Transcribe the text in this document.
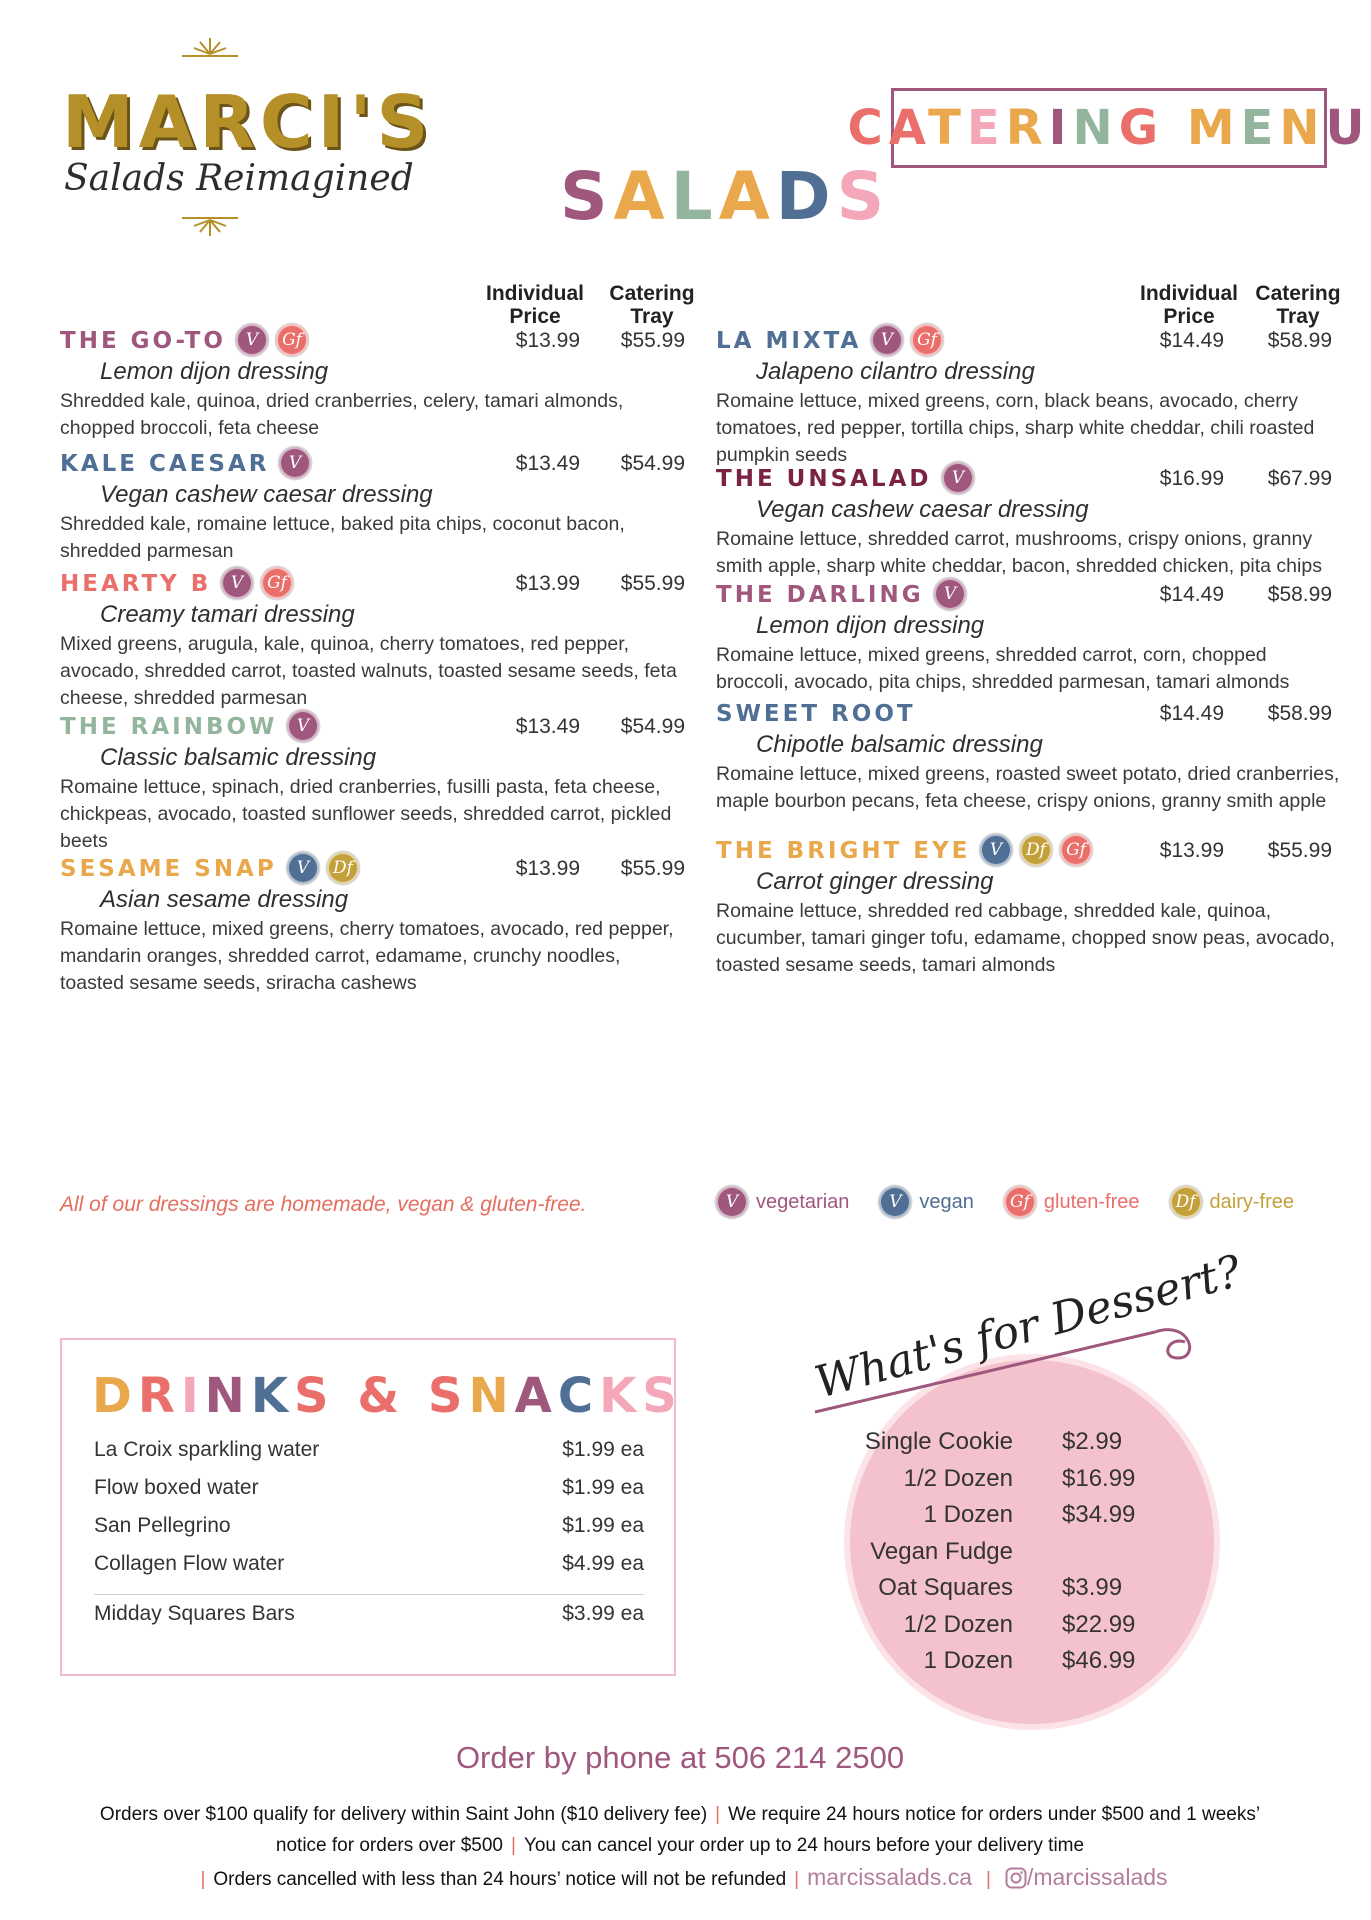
MARCI'S
Salads Reimagined
CATERING MENU
SALADS
Individual
Price
Catering
Tray
THE GO-TO	V	Gf	$13.99	$55.99
Lemon dijon dressing
Shredded kale, quinoa, dried cranberries, celery, tamari almonds, chopped broccoli, feta cheese
KALE CAESAR	V	$13.49	$54.99
Vegan cashew caesar dressing
Shredded kale, romaine lettuce, baked pita chips, coconut bacon, shredded parmesan
HEARTY B	V	Gf	$13.99	$55.99
Creamy tamari dressing
Mixed greens, arugula, kale, quinoa, cherry tomatoes, red pepper, avocado, shredded carrot, toasted walnuts, toasted sesame seeds, feta cheese, shredded parmesan
THE RAINBOW	V	$13.49	$54.99
Classic balsamic dressing
Romaine lettuce, spinach, dried cranberries, fusilli pasta, feta cheese, chickpeas, avocado, toasted sunflower seeds, shredded carrot, pickled beets
SESAME SNAP	V	Df	$13.99	$55.99
Asian sesame dressing
Romaine lettuce, mixed greens, cherry tomatoes, avocado, red pepper, mandarin oranges, shredded carrot, edamame, crunchy noodles, toasted sesame seeds, sriracha cashews
Individual
Price
Catering
Tray
LA MIXTA	V	Gf	$14.49	$58.99
Jalapeno cilantro dressing
Romaine lettuce, mixed greens, corn, black beans, avocado, cherry tomatoes, red pepper, tortilla chips, sharp white cheddar, chili roasted pumpkin seeds
THE UNSALAD	V	$16.99	$67.99
Vegan cashew caesar dressing
Romaine lettuce, shredded carrot, mushrooms, crispy onions, granny smith apple, sharp white cheddar, bacon, shredded chicken, pita chips
THE DARLING	V	$14.49	$58.99
Lemon dijon dressing
Romaine lettuce, mixed greens, shredded carrot, corn, chopped broccoli, avocado, pita chips, shredded parmesan, tamari almonds
SWEET ROOT	$14.49	$58.99
Chipotle balsamic dressing
Romaine lettuce, mixed greens, roasted sweet potato, dried cranberries, maple bourbon pecans, feta cheese, crispy onions, granny smith apple
THE BRIGHT EYE	V	Df	Gf	$13.99	$55.99
Carrot ginger dressing
Romaine lettuce, shredded red cabbage, shredded kale, quinoa, cucumber, tamari ginger tofu, edamame, chopped snow peas, avocado, toasted sesame seeds, tamari almonds
All of our dressings are homemade, vegan & gluten-free.	V vegetarian	V vegan	Gf gluten-free	Df dairy-free
DRINKS & SNACKS
La Croix sparkling water	$1.99 ea
Flow boxed water	$1.99 ea
San Pellegrino	$1.99 ea
Collagen Flow water	$4.99 ea
Midday Squares Bars	$3.99 ea
What's for Dessert?
Single Cookie $2.99
1/2 Dozen $16.99
1 Dozen $34.99
Vegan Fudge
Oat Squares $3.99
1/2 Dozen $22.99
1 Dozen $46.99
Order by phone at 506 214 2500
Orders over $100 qualify for delivery within Saint John ($10 delivery fee) | We require 24 hours notice for orders under $500 and 1 weeks’
notice for orders over $500 | You can cancel your order up to 24 hours before your delivery time
| Orders cancelled with less than 24 hours’ notice will not be refunded | marcissalads.ca | /marcissalads
